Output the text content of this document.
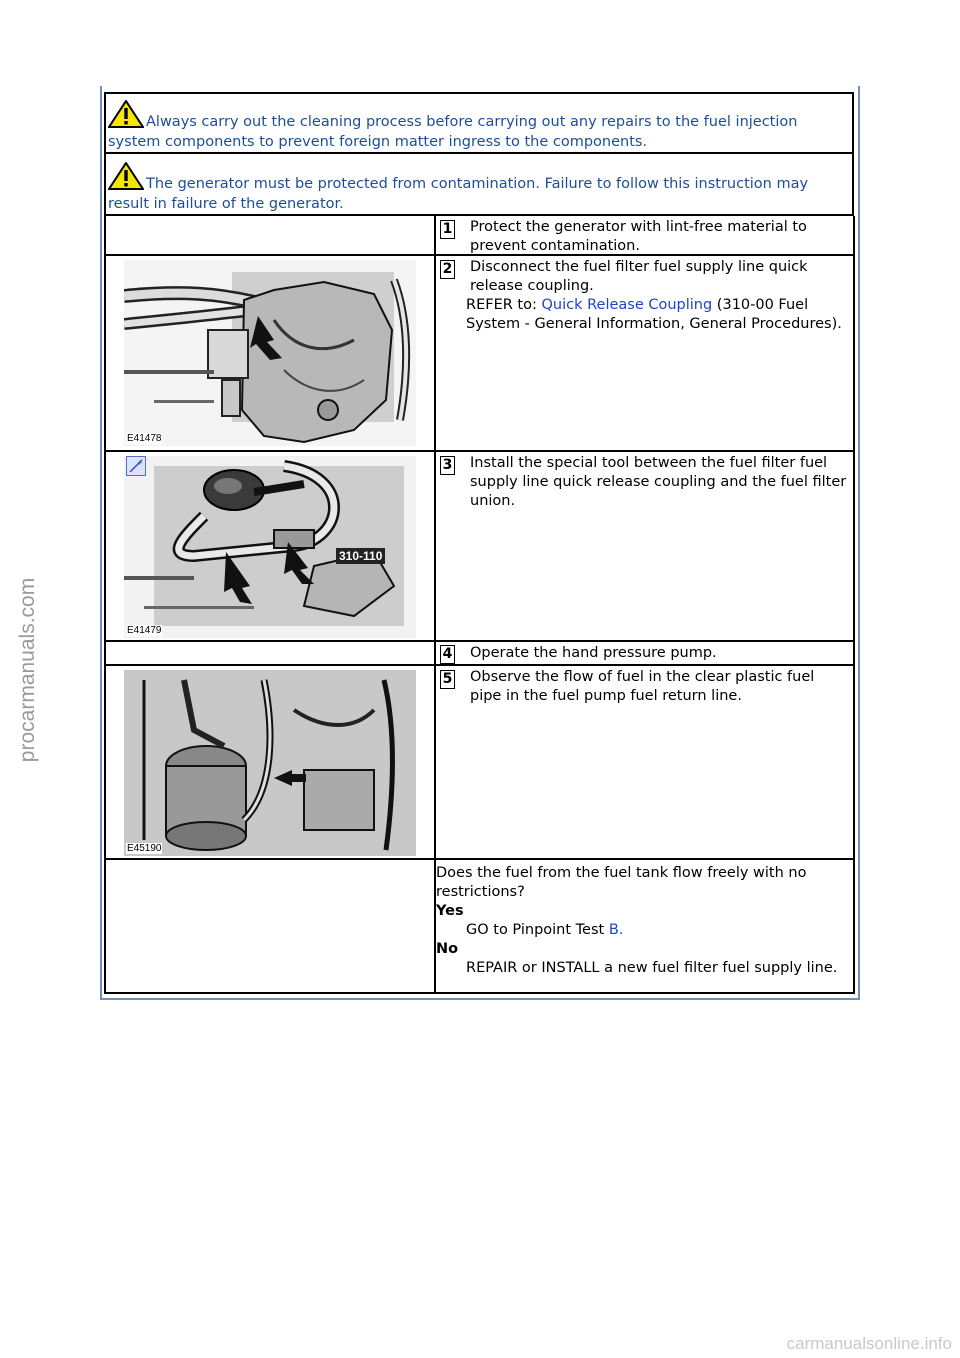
procarmanuals.com
carmanualsonline.info
Always carry out the cleaning process before carrying out any repairs to the fuel injection system components to prevent foreign matter ingress to the components.
The generator must be protected from contamination. Failure to follow this instruction may result in failure of the generator.
1 Protect the generator with lint-free material to prevent contamination.
E41478
2 Disconnect the fuel filter fuel supply line quick release coupling.
REFER to: Quick Release Coupling (310-00 Fuel System - General Information, General Procedures).
310-110
E41479
+	3 Install the special tool between the fuel filter fuel supply line quick release coupling and the fuel filter union.
4 Operate the hand pressure pump.
E45190
5 Observe the flow of fuel in the clear plastic fuel pipe in the fuel pump fuel return line.
Does the fuel from the fuel tank flow freely with no restrictions?
Yes
GO to Pinpoint Test B.
No
REPAIR or INSTALL a new fuel filter fuel supply line.
